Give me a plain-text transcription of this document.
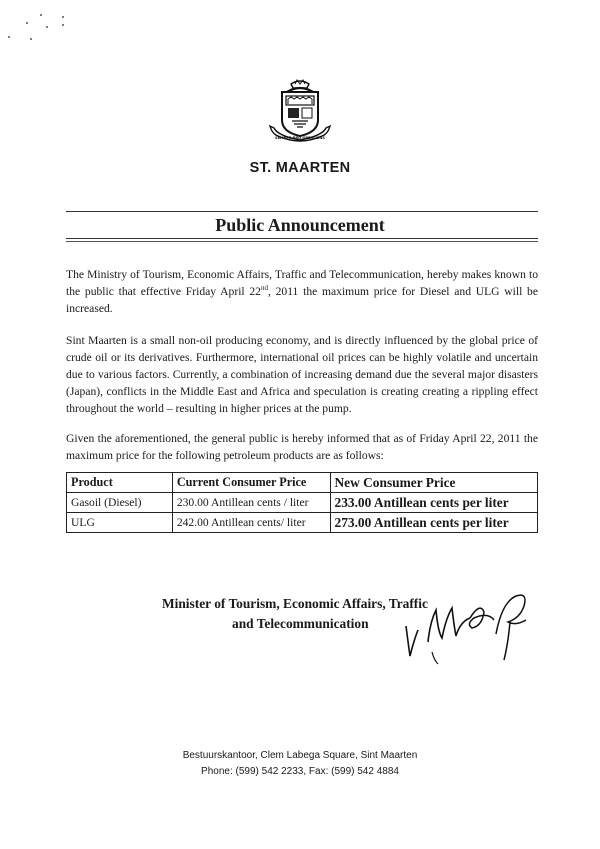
SEMPER PRO GRESSIENS
ST. MAARTEN
Public Announcement

The Ministry of Tourism, Economic Affairs, Traffic and Telecommunication, hereby makes known to the public that effective Friday April 22nd, 2011 the maximum price for Diesel and ULG will be increased.

Sint Maarten is a small non-oil producing economy, and is directly influenced by the global price of crude oil or its derivatives. Furthermore, international oil prices can be highly volatile and uncertain due to various factors. Currently, a combination of increasing demand due the several major disasters (Japan), conflicts in the Middle East and Africa and speculation is creating creating a rippling effect throughout the world – resulting in higher prices at the pump.

Given the aforementioned, the general public is hereby informed that as of Friday April 22, 2011 the maximum price for the following petroleum products are as follows:

Product	Current Consumer Price	New Consumer Price
Gasoil (Diesel)	230.00 Antillean cents / liter	233.00 Antillean cents per liter
ULG	242.00 Antillean cents/ liter	273.00 Antillean cents per liter
Minister of Tourism, Economic Affairs, Traffic
and Telecommunication
Bestuurskantoor, Clem Labega Square, Sint Maarten
Phone: (599) 542 2233, Fax: (599) 542 4884
